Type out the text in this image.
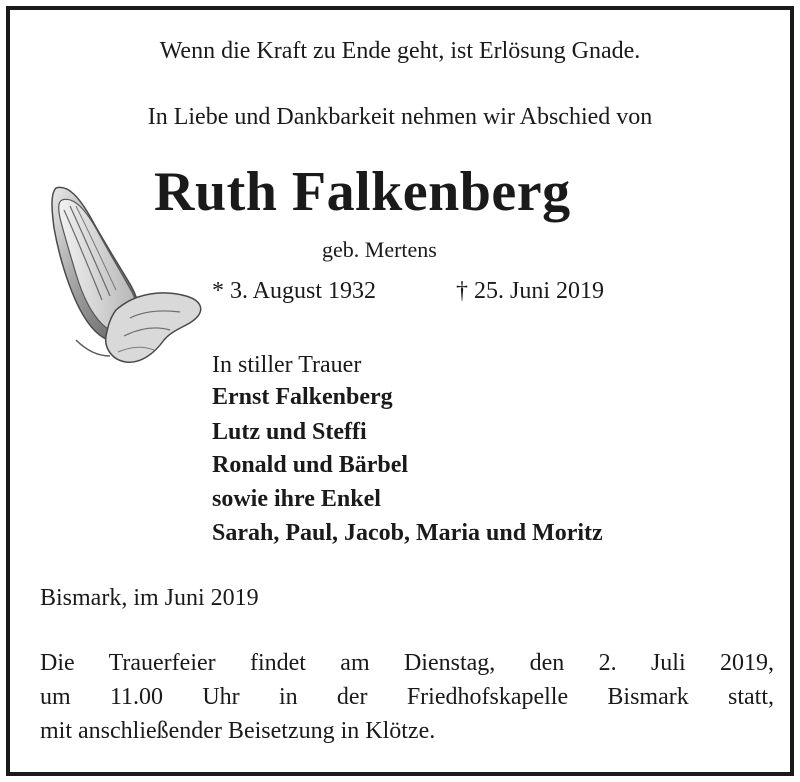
Wenn die Kraft zu Ende geht, ist Erlösung Gnade.
In Liebe und Dankbarkeit nehmen wir Abschied von
Ruth Falkenberg
geb. Mertens
* 3. August 1932	† 25. Juni 2019
In stiller Trauer
Ernst Falkenberg
Lutz und Steffi
Ronald und Bärbel
sowie ihre Enkel
Sarah, Paul, Jacob, Maria und Moritz
Bismark, im Juni 2019
Die Trauerfeier findet am Dienstag, den 2. Juli 2019,
um 11.00 Uhr in der Friedhofskapelle Bismark statt,
mit anschließender Beisetzung in Klötze.
